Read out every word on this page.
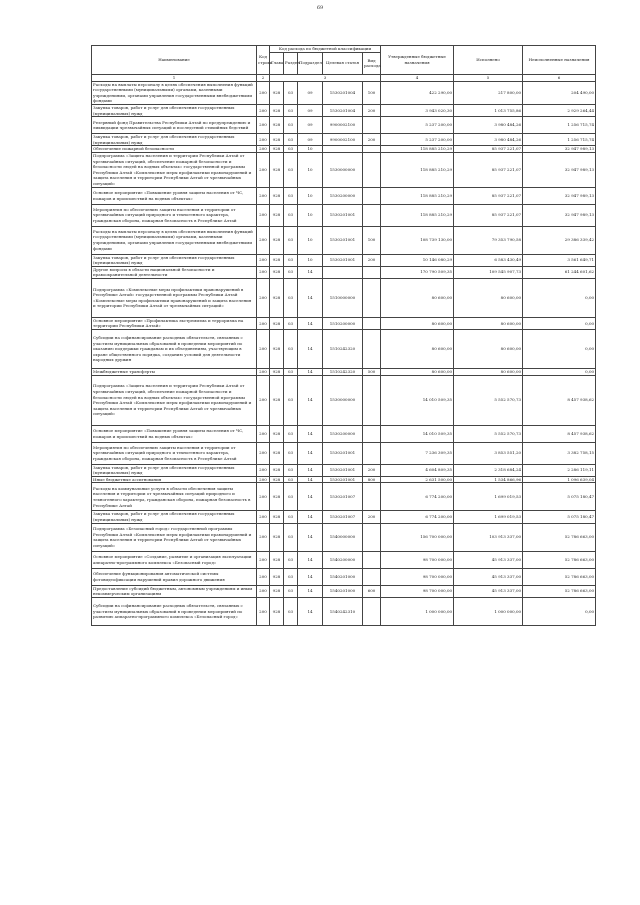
69
Наименование	Код строки	Код расхода по бюджетной классификации					Утвержденные бюджетные назначения	Исполнено	Неисполненные назначения
		Глава	Раздел	Подраздел	Целевая статья	Вид расхода			
1	2	3					4	5	6
Расходы на выплаты персоналу в целях обеспечения выполнения функций государственными (муниципальными) органами, казенными учреждениями, органами управления государственными внебюджетными фондами	200	928	03	09	1530201004	100	422 290,00	217 800,00	204 490,00
Закупка товаров, работ и услуг для обеспечения государственных (муниципальных) нужд	200	928	03	09	1530201004	200	3 943 020,30	1 013 755,86	2 929 264,44
Резервный фонд Правительства Республики Алтай по предупреждению и ликвидации чрезвычайных ситуаций и последствий стихийных бедствий	200	928	03	09	9900002100		5 237 200,00	3 980 484,26	1 256 715,74
Закупка товаров, работ и услуг для обеспечения государственных (муниципальных) нужд	200	928	03	09	9900002100	200	5 237 200,00	3 980 484,26	1 256 715,74
Обеспечение пожарной безопасности	200	928	03	10			118 885 210,29	85 937 221,07	32 947 989,13
Подпрограмма «Защита населения и территории Республики Алтай от чрезвычайных ситуаций, обеспечение пожарной безопасности и безопасности людей на водных объектах» государственной программы Республики Алтай «Комплексные меры профилактики правонарушений и защита населения и территории Республики Алтай от чрезвычайных ситуаций»	200	928	03	10	1530000000		118 885 210,29	85 937 221,07	32 947 989,13
Основное мероприятие «Повышение уровня защиты населения от ЧС, пожаров и происшествий на водных объектах»	200	928	03	10	1530200000		118 885 210,29	85 937 221,07	32 947 989,13
Мероприятия по обеспечению защиты населения и территории от чрезвычайных ситуаций природного и техногенного характера, гражданская оборона, пожарная безопасность в Республике Алтай	200	928	03	10	1530201001		118 885 210,29	85 937 221,07	32 947 989,13
Расходы на выплаты персоналу в целях обеспечения выполнения функций государственными (муниципальными) органами, казенными учреждениями, органами управления государственными внебюджетными фондами	200	928	03	10	1530201001	100	108 739 130,00	79 353 790,58	29 386 339,42
Закупка товаров, работ и услуг для обеспечения государственных (муниципальных) нужд	200	928	03	10	1530201001	200	10 146 080,29	6 583 430,49	3 561 649,71
Другие вопросы в области национальной безопасности и правоохранительной деятельности	200	928	03	14			170 790 509,35	109 545 907,73	61 244 601,62
Подпрограмма «Комплексные меры профилактики правонарушений в Республике Алтай» государственной программы Республики Алтай «Комплексные меры профилактики правонарушений и защита населения и территории Республики Алтай от чрезвычайных ситуаций»	200	928	03	14	1510000000		80 600,00	80 600,00	0,00
Основное мероприятие «Профилактика экстремизма и терроризма на территории Республики Алтай»	200	928	03	14	1510200000		80 600,00	80 600,00	0,00
Субсидии на софинансирование расходных обязательств, связанных с участием муниципальных образований в проведении мероприятий по оказанию поддержки гражданам и их объединениям, участвующим в охране общественного порядка, созданию условий для деятельности народных дружин	200	928	03	14	1510242320		80 600,00	80 600,00	0,00
Межбюджетные трансферты	200	928	03	14	1510242320	500	80 600,00	80 600,00	0,00
Подпрограмма «Защита населения и территории Республики Алтай от чрезвычайных ситуаций, обеспечение пожарной безопасности и безопасности людей на водных объектах» государственной программы Республики Алтай «Комплексные меры профилактики правонарушений и защита населения и территории Республики Алтай от чрезвычайных ситуаций»	200	928	03	14	1530000000		14 010 509,35	5 552 570,73	8 457 938,62
Основное мероприятие «Повышение уровня защиты населения от ЧС, пожаров и происшествий на водных объектах»	200	928	03	14	1530200000		14 010 509,35	5 552 570,73	8 457 938,62
Мероприятия по обеспечению защиты населения и территории от чрезвычайных ситуаций природного и техногенного характера, гражданская оборона, пожарная безопасность в Республике Алтай	200	928	03	14	1530201001		7 236 309,35	3 853 551,20	3 382 758,15
Закупка товаров, работ и услуг для обеспечения государственных (муниципальных) нужд	200	928	03	14	1530201001	200	4 604 809,35	2 318 684,24	2 286 119,11
Иные бюджетные ассигнования	200	928	03	14	1530201001	800	2 631 500,00	1 534 866,96	1 096 639,04
Расходы на коммунальные услуги в области обеспечения защиты населения и территории от чрезвычайных ситуаций природного и техногенного характера, гражданская оборона, пожарная безопасность в Республике Алтай	200	928	03	14	1530201007		6 774 200,00	1 699 019,53	5 075 180,47
Закупка товаров, работ и услуг для обеспечения государственных (муниципальных) нужд	200	928	03	14	1530201007	200	6 774 200,00	1 699 019,53	5 075 180,47
Подпрограмма «Безопасный город» государственной программы Республики Алтай «Комплексные меры профилактики правонарушений и защита населения и территории Республики Алтай от чрезвычайных ситуаций»	200	928	03	14	1540000000		156 700 000,00	103 913 337,00	52 786 663,00
Основное мероприятие «Создание, развитие и организация эксплуатации аппаратно-программного комплекса «Безопасный город»	200	928	03	14	1540200000		98 700 000,00	45 913 337,00	52 786 663,00
Обеспечение функционирования автоматической системы фотовидеофиксации нарушений правил дорожного движения	200	928	03	14	1540201000		98 700 000,00	45 913 337,00	52 786 663,00
Предоставление субсидий бюджетным, автономным учреждениям и иным некоммерческим организациям	200	928	03	14	1540201000	600	98 700 000,00	45 913 337,00	52 786 663,00
Субсидии на софинансирование расходных обязательств, связанных с участием муниципальных образований в проведении мероприятий по развитию аппаратно-программного комплекса «Безопасный город»	200	928	03	14	1540242310		1 000 000,00	1 000 000,00	0,00
